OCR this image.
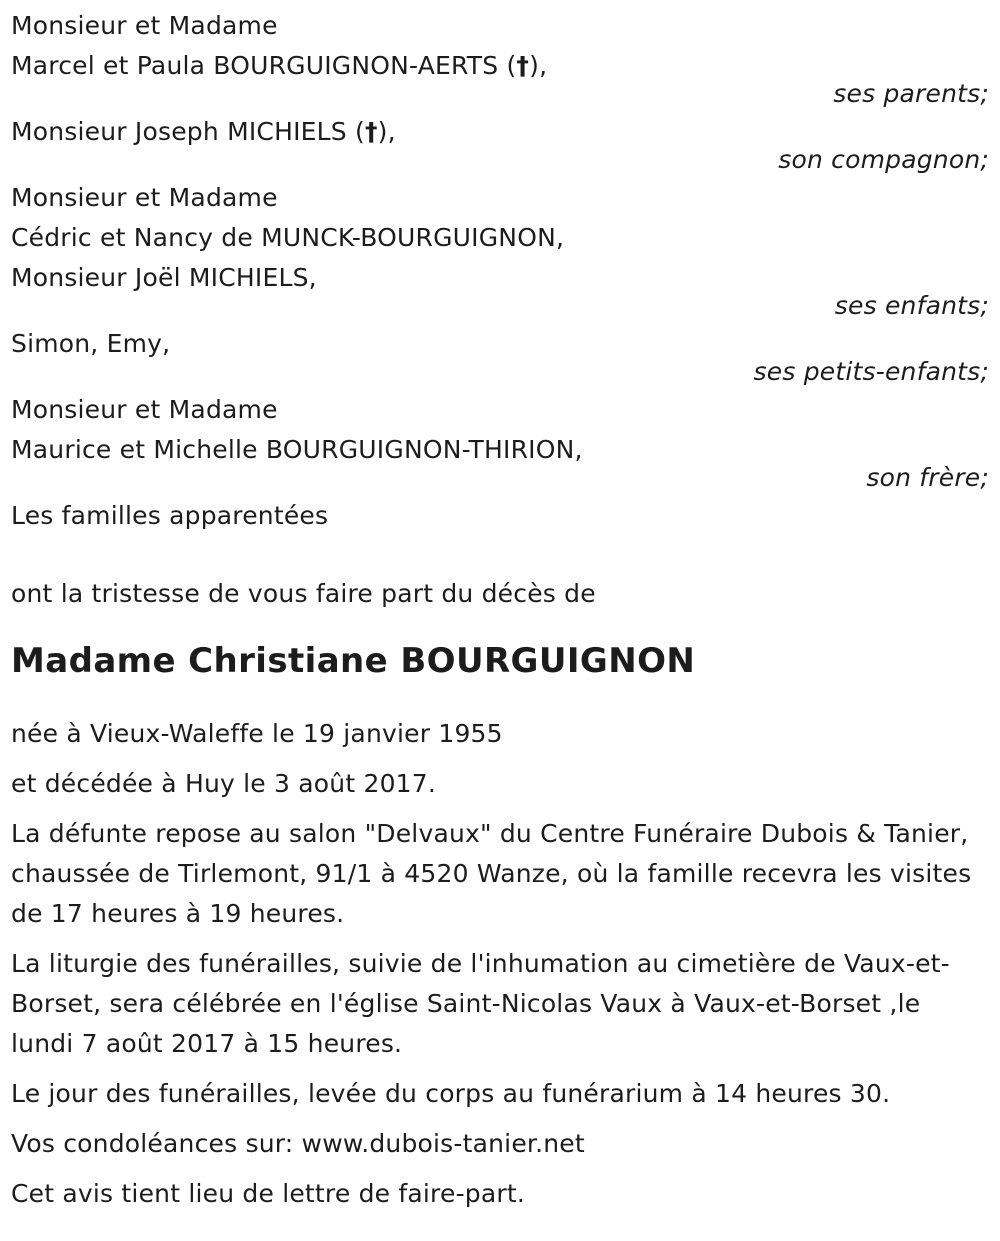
Monsieur et Madame
Marcel et Paula BOURGUIGNON-AERTS (†),
ses parents;
Monsieur Joseph MICHIELS (†),
son compagnon;
Monsieur et Madame
Cédric et Nancy de MUNCK-BOURGUIGNON,
Monsieur Joël MICHIELS,
ses enfants;
Simon, Emy,
ses petits-enfants;
Monsieur et Madame
Maurice et Michelle BOURGUIGNON-THIRION,
son frère;
Les familles apparentées
ont la tristesse de vous faire part du décès de
Madame Christiane BOURGUIGNON
née à Vieux-Waleffe le 19 janvier 1955
et décédée à Huy le 3 août 2017.
La défunte repose au salon "Delvaux" du Centre Funéraire Dubois & Tanier, chaussée de Tirlemont, 91/1 à 4520 Wanze, où la famille recevra les visites de 17 heures à 19 heures.
La liturgie des funérailles, suivie de l'inhumation au cimetière de Vaux-et-Borset, sera célébrée en l'église Saint-Nicolas Vaux à Vaux-et-Borset ,le lundi 7 août 2017 à 15 heures.
Le jour des funérailles, levée du corps au funérarium à 14 heures 30.
Vos condoléances sur: www.dubois-tanier.net
Cet avis tient lieu de lettre de faire-part.
